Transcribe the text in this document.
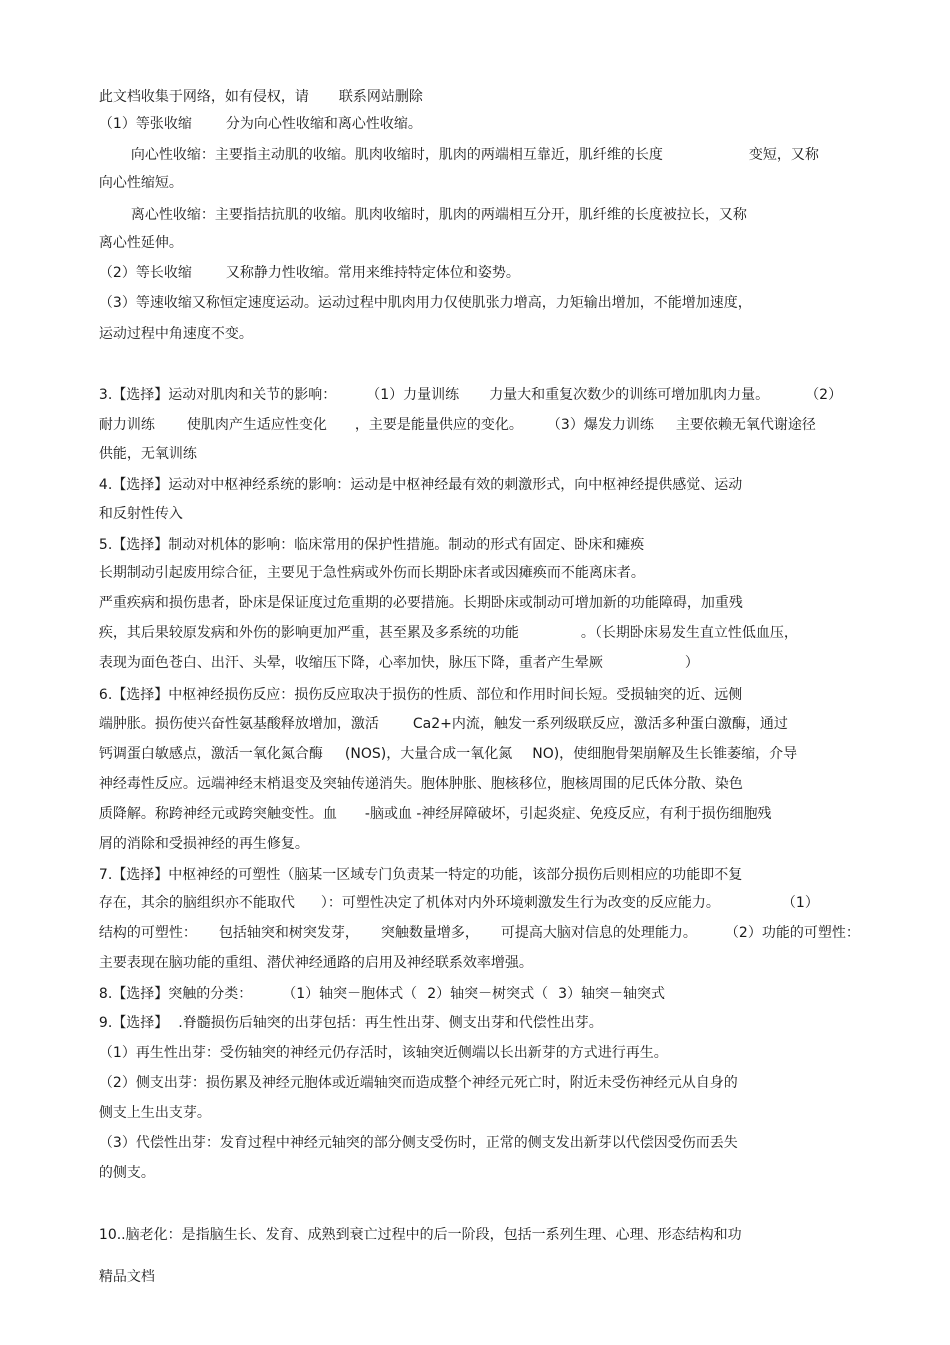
此文档收集于网络，如有侵权，请 联系网站删除

（1）等张收缩 分为向心性收缩和离心性收缩。

向心性收缩：主要指主动肌的收缩。肌肉收缩时，肌肉的两端相互靠近，肌纤维的长度	变短，又称

向心性缩短。

离心性收缩：主要指拮抗肌的收缩。肌肉收缩时，肌肉的两端相互分开，肌纤维的长度被拉长，又称

离心性延伸。

（2）等长收缩 又称静力性收缩。常用来维持特定体位和姿势。

（3）等速收缩又称恒定速度运动。运动过程中肌肉用力仅使肌张力增高，力矩输出增加，不能增加速度，

运动过程中角速度不变。

3.【选择】运动对肌肉和关节的影响： （1）力量训练 力量大和重复次数少的训练可增加肌肉力量。	（2）

耐力训练 使肌肉产生适应性变化 ，主要是能量供应的变化。 （3）爆发力训练 主要依赖无氧代谢途径

供能，无氧训练

4.【选择】运动对中枢神经系统的影响：运动是中枢神经最有效的刺激形式，向中枢神经提供感觉、运动

和反射性传入

5.【选择】制动对机体的影响：临床常用的保护性措施。制动的形式有固定、卧床和瘫痪

长期制动引起废用综合征，主要见于急性病或外伤而长期卧床者或因瘫痪而不能离床者。

严重疾病和损伤患者，卧床是保证度过危重期的必要措施。长期卧床或制动可增加新的功能障碍，加重残

疾，其后果较原发病和外伤的影响更加严重，甚至累及多系统的功能	。（长期卧床易发生直立性低血压，

表现为面色苍白、出汗、头晕，收缩压下降，心率加快，脉压下降，重者产生晕厥	）

6.【选择】中枢神经损伤反应：损伤反应取决于损伤的性质、部位和作用时间长短。受损轴突的近、远侧

端肿胀。损伤使兴奋性氨基酸释放增加，激活 Ca2+内流，触发一系列级联反应，激活多种蛋白激酶，通过

钙调蛋白敏感点，激活一氧化氮合酶 (NOS)，大量合成一氧化氮 NO)，使细胞骨架崩解及生长锥萎缩，介导

神经毒性反应。远端神经末梢退变及突轴传递消失。胞体肿胀、胞核移位，胞核周围的尼氏体分散、染色

质降解。称跨神经元或跨突触变性。血 -脑或血 -神经屏障破坏，引起炎症、免疫反应，有利于损伤细胞残

屑的消除和受损神经的再生修复。

7.【选择】中枢神经的可塑性（脑某一区域专门负责某一特定的功能，该部分损伤后则相应的功能即不复

存在，其余的脑组织亦不能取代 ）：可塑性决定了机体对内外环境刺激发生行为改变的反应能力。	（1）

结构的可塑性： 包括轴突和树突发芽， 突触数量增多， 可提高大脑对信息的处理能力。 （2）功能的可塑性：

主要表现在脑功能的重组、潜伏神经通路的启用及神经联系效率增强。

8.【选择】突触的分类： （1）轴突－胞体式（ 2）轴突－树突式（ 3）轴突－轴突式

9.【选择】 .脊髓损伤后轴突的出芽包括：再生性出芽、侧支出芽和代偿性出芽。

（1）再生性出芽：受伤轴突的神经元仍存活时，该轴突近侧端以长出新芽的方式进行再生。

（2）侧支出芽：损伤累及神经元胞体或近端轴突而造成整个神经元死亡时，附近未受伤神经元从自身的

侧支上生出支芽。

（3）代偿性出芽：发育过程中神经元轴突的部分侧支受伤时，正常的侧支发出新芽以代偿因受伤而丢失

的侧支。

10..脑老化：是指脑生长、发育、成熟到衰亡过程中的后一阶段，包括一系列生理、心理、形态结构和功

精品文档
